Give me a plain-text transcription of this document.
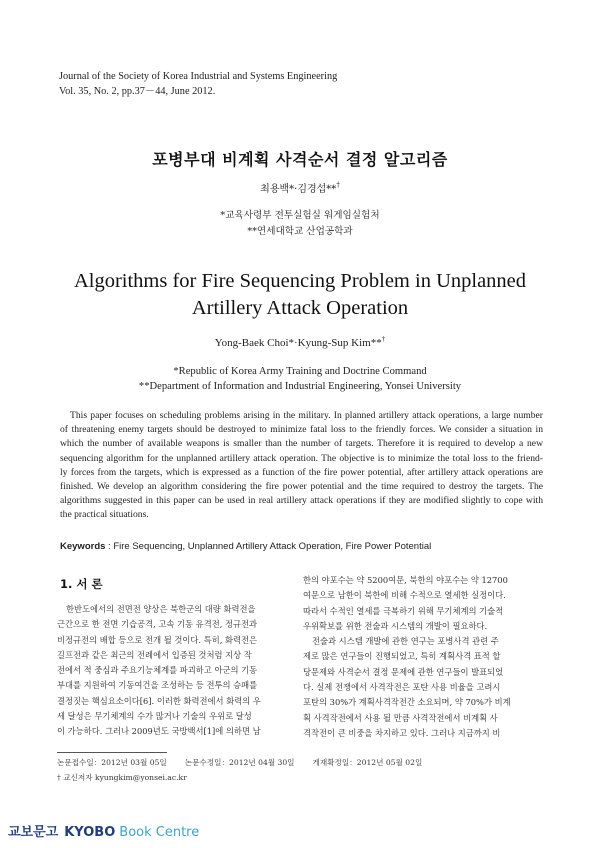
Journal of the Society of Korea Industrial and Systems Engineering
Vol. 35, No. 2, pp.37－44, June 2012.
포병부대 비계획 사격순서 결정 알고리즘
최용백*·김경섭**†
*교육사령부 전투실험실 워게임실험처
**연세대학교 산업공학과
Algorithms for Fire Sequencing Problem in Unplanned
Artillery Attack Operation
Yong-Baek Choi*·Kyung-Sup Kim**†
*Republic of Korea Army Training and Doctrine Command
**Department of Information and Industrial Engineering, Yonsei University
This paper focuses on scheduling problems arising in the military. In planned artillery attack operations, a large number
of threatening enemy targets should be destroyed to minimize fatal loss to the friendly forces. We consider a situation in
which the number of available weapons is smaller than the number of targets. Therefore it is required to develop a new
sequencing algorithm for the unplanned artillery attack operation. The objective is to minimize the total loss to the friend-
ly forces from the targets, which is expressed as a function of the fire power potential, after artillery attack operations are
finished. We develop an algorithm considering the fire power potential and the time required to destroy the targets. The
algorithms suggested in this paper can be used in real artillery attack operations if they are modified slightly to cope with
the practical situations.
Keywords : Fire Sequencing, Unplanned Artillery Attack Operation, Fire Power Potential
1. 서 론
한반도에서의 전면전 양상은 북한군의 대량 화력전을
근간으로 한 전면 기습공격, 고속 기동 유격전, 정규전과
비정규전의 배합 등으로 전개 될 것이다. 특히, 화력전은
길프전과 같은 최근의 전례에서 입증된 것처럼 지상 작
전에서 적 중심과 주요기능체계를 파괴하고 아군의 기동
부대를 지원하여 기동여건을 조성하는 등 전투의 승패를
결정짓는 핵심요소이다[6]. 이러한 화력전에서 화력의 우
세 달성은 무기체계의 수가 많거나 기술의 우위로 달성
이 가능하다. 그러나 2009년도 국방백서[1]에 의하면 남
한의 야포수는 약 5200여문, 북한의 야포수는 약 12700
여문으로 남한이 북한에 비해 수적으로 열세한 실정이다.
따라서 수적인 열세를 극복하기 위해 무기체계의 기술적
우위확보를 위한 전술과 시스템의 개발이 필요하다.
전술과 시스템 개발에 관한 연구는 포병사격 관련 주
제로 많은 연구들이 진행되었고, 특히 계획사격 표적 할
당문제와 사격순서 결정 문제에 관한 연구들이 발표되었
다. 실제 전쟁에서 사격작전은 포탄 사용 비율을 고려시
포탄의 30%가 계획사격작전간 소요되며, 약 70%가 비계
획 사격작전에서 사용 될 만큼 사격작전에서 비계획 사
격작전이 큰 비중을 차지하고 있다. 그러나 지금까지 비
논문접수일：2012년 03월 05일 논문수정일：2012년 04월 30일 게재확정일：2012년 05월 02일
† 교신저자 kyungkim@yonsei.ac.kr
교보문고 KYOBO Book Centre
